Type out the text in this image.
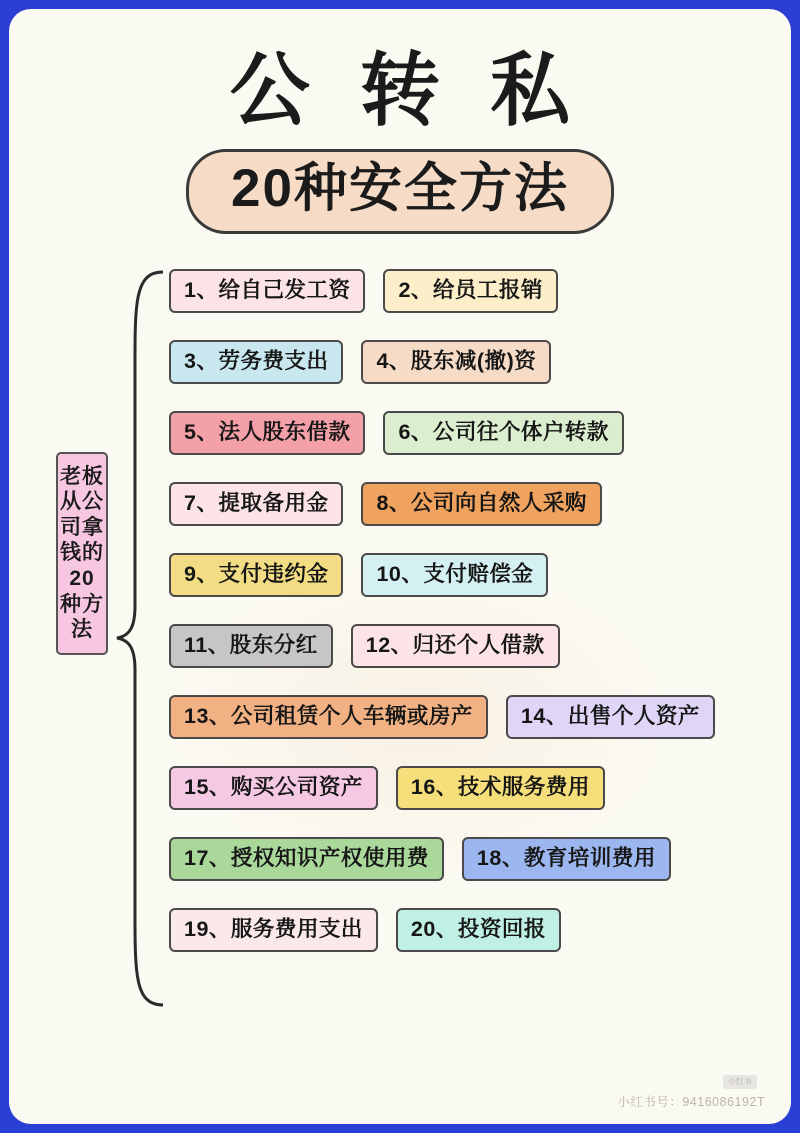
公 转 私
20种安全方法
老板从公司拿钱的20种方法
1、给自己发工资	2、给员工报销
3、劳务费支出	4、股东减(撤)资
5、法人股东借款	6、公司往个体户转款
7、提取备用金	8、公司向自然人采购
9、支付违约金	10、支付赔偿金
11、股东分红	12、归还个人借款
13、公司租赁个人车辆或房产	14、出售个人资产
15、购买公司资产	16、技术服务费用
17、授权知识产权使用费	18、教育培训费用
19、服务费用支出	20、投资回报
小红书
小红书号：9416086192T
